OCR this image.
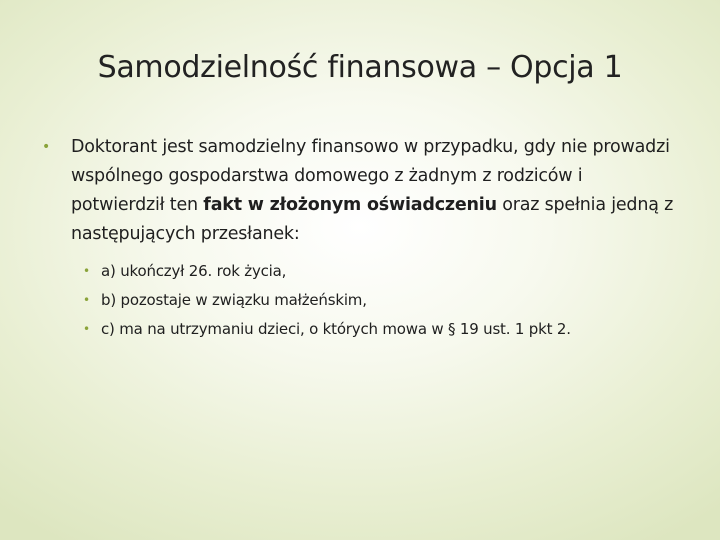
Samodzielność finansowa – Opcja 1
• Doktorant jest samodzielny finansowo w przypadku, gdy nie prowadzi wspólnego gospodarstwa domowego z żadnym z rodziców i potwierdził ten fakt w złożonym oświadczeniu oraz spełnia jedną z następujących przesłanek:
• a) ukończył 26. rok życia,
• b) pozostaje w związku małżeńskim,
• c) ma na utrzymaniu dzieci, o których mowa w § 19 ust. 1 pkt 2.
